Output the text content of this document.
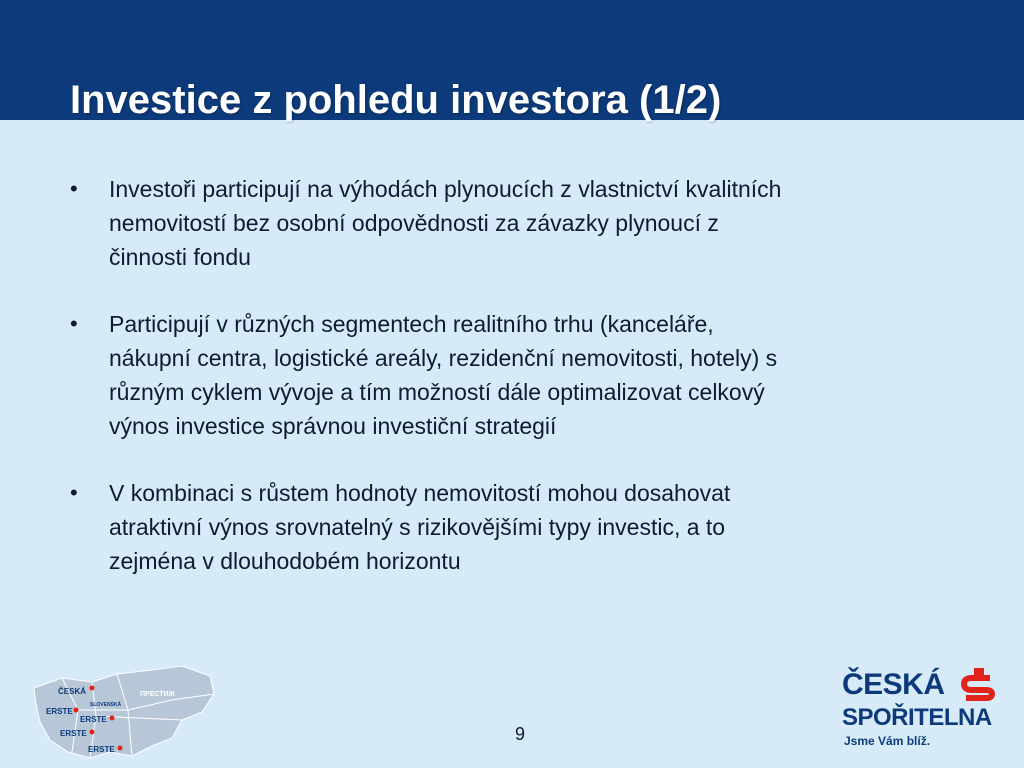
Investice z pohledu investora (1/2)
• Investoři participují na výhodách plynoucích z vlastnictví kvalitních
nemovitostí bez osobní odpovědnosti za závazky plynoucí z
činnosti fondu
• Participují v různých segmentech realitního trhu (kanceláře,
nákupní centra, logistické areály, rezidenční nemovitosti, hotely) s
různým cyklem vývoje a tím možností dále optimalizovat celkový
výnos investice správnou investiční strategií
• V kombinaci s růstem hodnoty nemovitostí mohou dosahovat
atraktivní výnos srovnatelný s rizikovějšími typy investic, a to
zejména v dlouhodobém horizontu
9
ČESKÁ
ERSTE
SLOVENSKÁ
ERSTE
ERSTE
ERSTE
ПРЕСТИЖ	ČESKÁ
SPOŘITELNA
Jsme Vám blíž.
